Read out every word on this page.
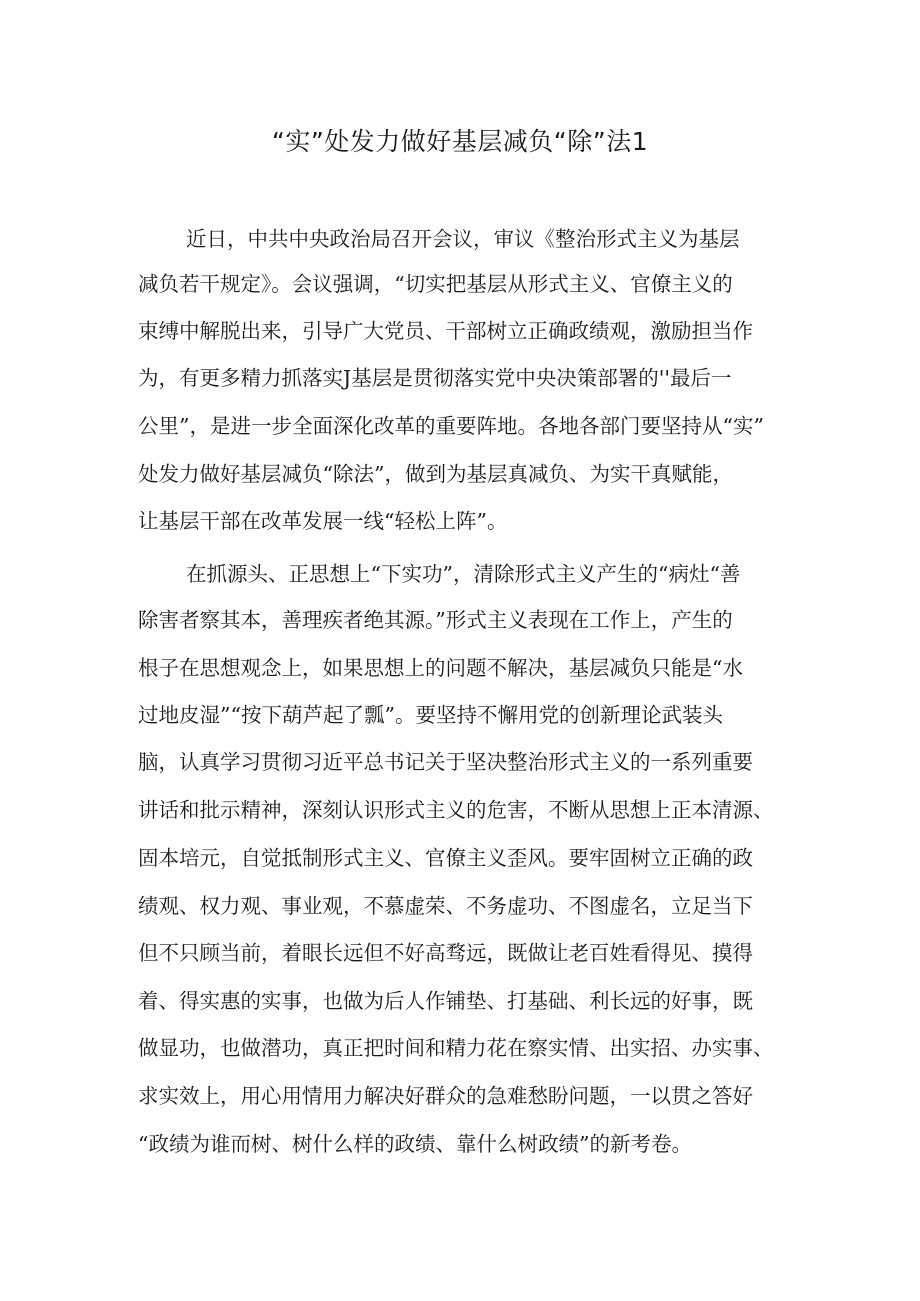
“实”处发力做好基层减负“除”法1
近日，中共中央政治局召开会议，审议《整治形式主义为基层
减负若干规定》。会议强调，“切实把基层从形式主义、官僚主义的
束缚中解脱出来，引导广大党员、干部树立正确政绩观，激励担当作
为，有更多精力抓落实J基层是贯彻落实党中央决策部署的''最后一
公里”，是进一步全面深化改革的重要阵地。各地各部门要坚持从“实”
处发力做好基层减负“除法”，做到为基层真减负、为实干真赋能，
让基层干部在改革发展一线“轻松上阵”。
在抓源头、正思想上“下实功”，清除形式主义产生的“病灶“善
除害者察其本，善理疾者绝其源。”形式主义表现在工作上，产生的
根子在思想观念上，如果思想上的问题不解决，基层减负只能是“水
过地皮湿”“按下葫芦起了瓢”。要坚持不懈用党的创新理论武装头
脑，认真学习贯彻习近平总书记关于坚决整治形式主义的一系列重要
讲话和批示精神，深刻认识形式主义的危害，不断从思想上正本清源、
固本培元，自觉抵制形式主义、官僚主义歪风。要牢固树立正确的政
绩观、权力观、事业观，不慕虚荣、不务虚功、不图虚名，立足当下
但不只顾当前，着眼长远但不好高骛远，既做让老百姓看得见、摸得
着、得实惠的实事，也做为后人作铺垫、打基础、利长远的好事，既
做显功，也做潜功，真正把时间和精力花在察实情、出实招、办实事、
求实效上，用心用情用力解决好群众的急难愁盼问题，一以贯之答好
“政绩为谁而树、树什么样的政绩、靠什么树政绩”的新考卷。
